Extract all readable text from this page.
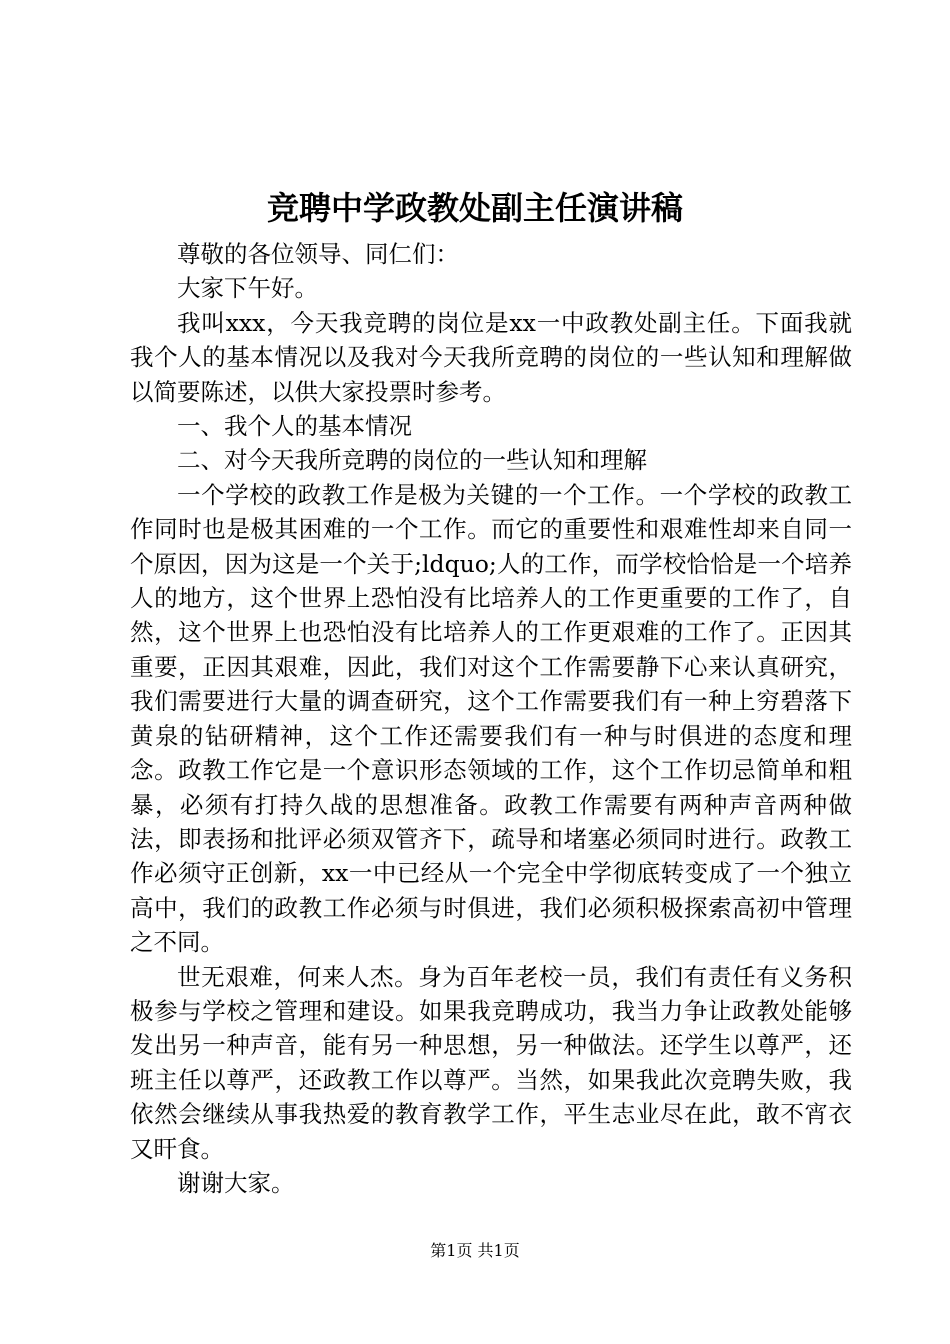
竞聘中学政教处副主任演讲稿

尊敬的各位领导、同仁们：

大家下午好。

我叫xxx，今天我竞聘的岗位是xx一中政教处副主任。下面我就我个人的基本情况以及我对今天我所竞聘的岗位的一些认知和理解做以简要陈述，以供大家投票时参考。

一、我个人的基本情况

二、对今天我所竞聘的岗位的一些认知和理解

一个学校的政教工作是极为关键的一个工作。一个学校的政教工作同时也是极其困难的一个工作。而它的重要性和艰难性却来自同一个原因，因为这是一个关于;ldquo;人的工作，而学校恰恰是一个培养人的地方，这个世界上恐怕没有比培养人的工作更重要的工作了，自然，这个世界上也恐怕没有比培养人的工作更艰难的工作了。正因其重要，正因其艰难，因此，我们对这个工作需要静下心来认真研究，我们需要进行大量的调查研究，这个工作需要我们有一种上穷碧落下黄泉的钻研精神，这个工作还需要我们有一种与时俱进的态度和理念。政教工作它是一个意识形态领域的工作，这个工作切忌简单和粗暴，必须有打持久战的思想准备。政教工作需要有两种声音两种做法，即表扬和批评必须双管齐下，疏导和堵塞必须同时进行。政教工作必须守正创新，xx一中已经从一个完全中学彻底转变成了一个独立高中，我们的政教工作必须与时俱进，我们必须积极探索高初中管理之不同。

世无艰难，何来人杰。身为百年老校一员，我们有责任有义务积极参与学校之管理和建设。如果我竞聘成功，我当力争让政教处能够发出另一种声音，能有另一种思想，另一种做法。还学生以尊严，还班主任以尊严，还政教工作以尊严。当然，如果我此次竞聘失败，我依然会继续从事我热爱的教育教学工作，平生志业尽在此，敢不宵衣又旰食。

谢谢大家。

第1页 共1页
